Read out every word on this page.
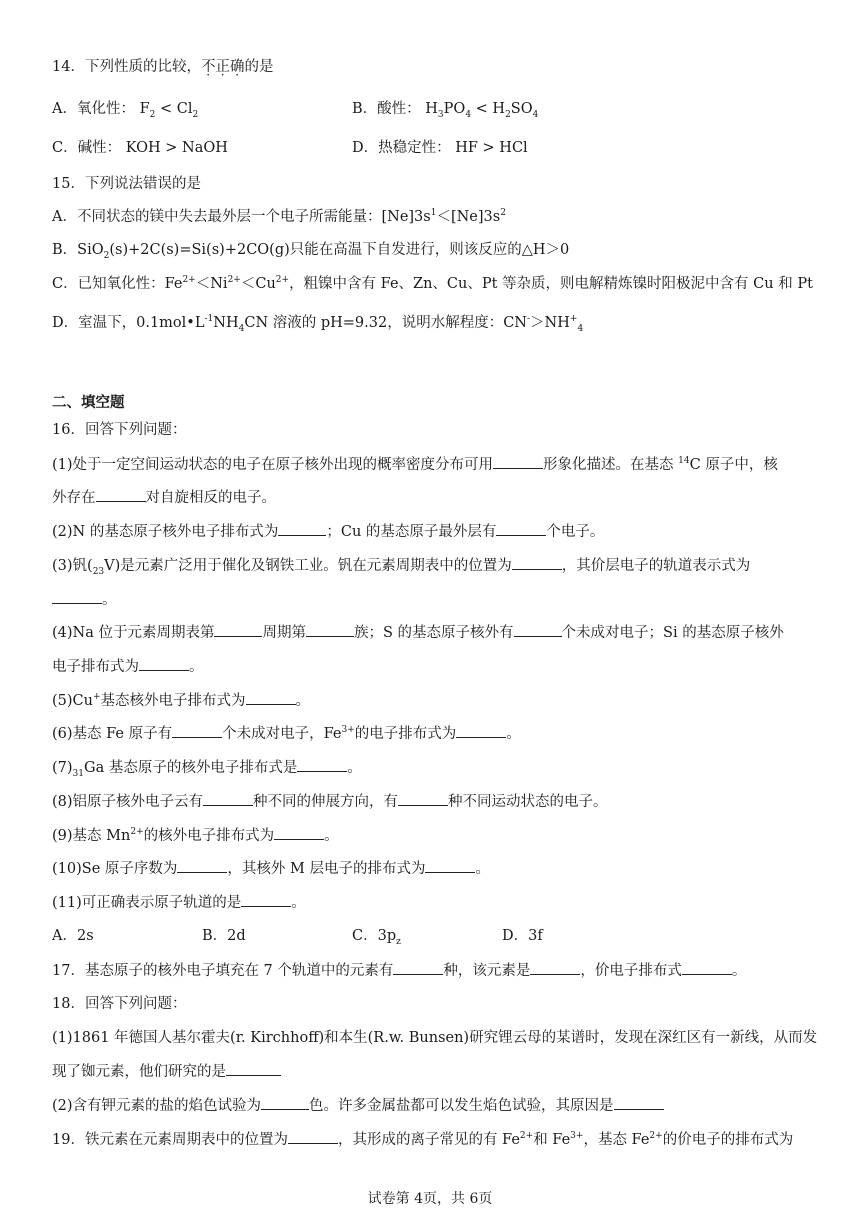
14．下列性质的比较，不正确的是
A．氧化性： $F_2 < Cl_2$	B．酸性： $H_3PO_4 < H_2SO_4$
C．碱性： KOH > NaOH	D．热稳定性： HF > HCl
15．下列说法错误的是
A．不同状态的镁中失去最外层一个电子所需能量：$[Ne]3s^1<[Ne]3s^2$
B．SiO$_2$(s)+2C(s)=Si(s)+2CO(g)只能在高温下自发进行，则该反应的△H＞0
C．已知氧化性：$Fe^{2+}<Ni^{2+}<Cu^{2+}$，粗镍中含有 Fe、Zn、Cu、Pt 等杂质，则电解精炼镍时阳极泥中含有 Cu 和 Pt
D．室温下，$0.1mol•L^{-1}NH_4CN$ 溶液的 pH=9.32，说明水解程度：$CN^->NH^+_4$
二、填空题
16．回答下列问题：
(1)处于一定空间运动状态的电子在原子核外出现的概率密度分布可用	形象化描述。在基态 $^{14}$C 原子中，核
外存在	对自旋相反的电子。
(2)N 的基态原子核外电子排布式为	；Cu 的基态原子最外层有	个电子。
(3)钒$(_{23}V)$是元素广泛用于催化及钢铁工业。钒在元素周期表中的位置为	，其价层电子的轨道表示式为
。
(4)Na 位于元素周期表第	周期第	族；S 的基态原子核外有	个未成对电子；Si 的基态原子核外
电子排布式为	。
(5)Cu+基态核外电子排布式为	。
(6)基态 Fe 原子有	个未成对电子，$Fe^{3+}$的电子排布式为	。
$(7)_{31}Ga$ 基态原子的核外电子排布式是	。
(8)铝原子核外电子云有	种不同的伸展方向，有	种不同运动状态的电子。
(9)基态 $Mn^{2+}$的核外电子排布式为	。
(10)Se 原子序数为	，其核外 M 层电子的排布式为	。
(11)可正确表示原子轨道的是	。
A．2s	B．2d	C．$3p_z$	D．3f
17．基态原子的核外电子填充在 7 个轨道中的元素有	种，该元素是	，价电子排布式	。
18．回答下列问题：
(1)1861 年德国人基尔霍夫(r. Kirchhoff)和本生(R.w. Bunsen)研究锂云母的某谱时，发现在深红区有一新线，从而发
现了铷元素，他们研究的是
(2)含有钾元素的盐的焰色试验为	色。许多金属盐都可以发生焰色试验，其原因是
19．铁元素在元素周期表中的位置为	，其形成的离子常见的有 $Fe^{2+}$和 $Fe^{3+}$，基态 $Fe^{2+}$的价电子的排布式为
试卷第 4页，共 6页
